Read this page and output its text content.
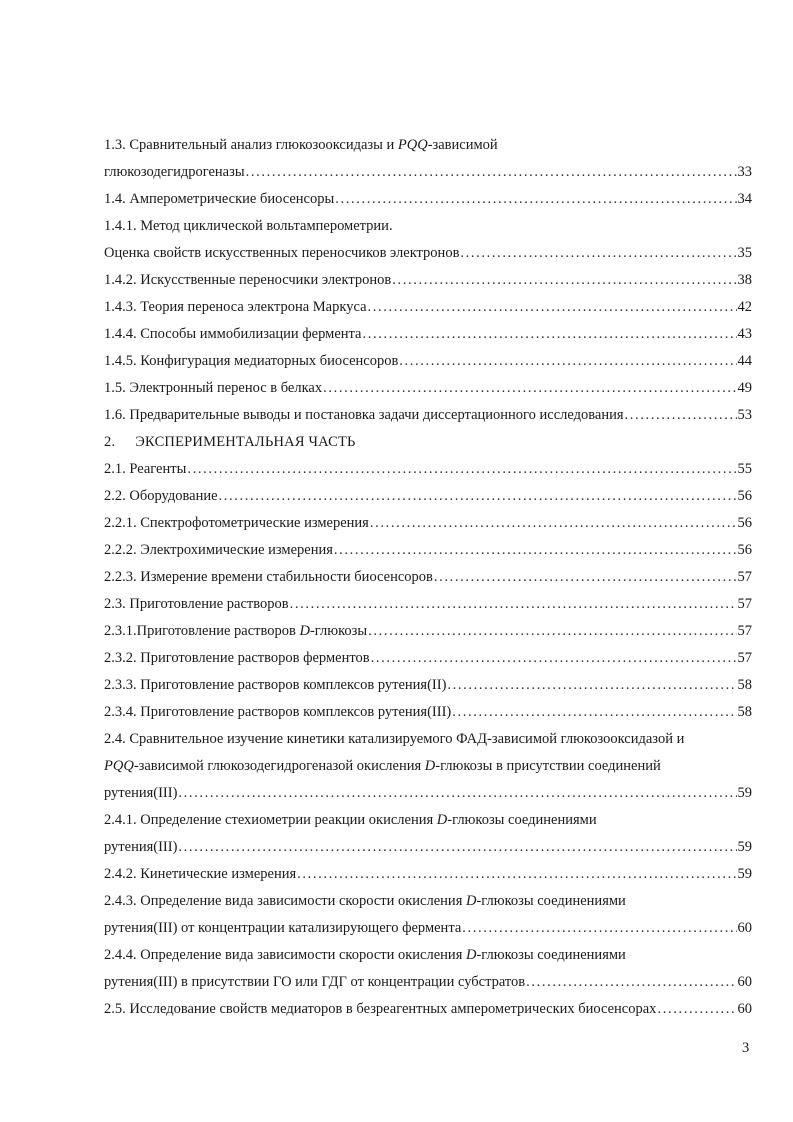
1.3. Сравнительный анализ глюкозооксидазы и PQQ-зависимой
глюкозодегидрогеназы . . .	33
1.4. Амперометрические биосенсоры . . .	34
1.4.1. Метод циклической вольтамперометрии.
Оценка свойств искусственных переносчиков электронов . . .	35
1.4.2. Искусственные переносчики электронов . . .	38
1.4.3. Теория переноса электрона Маркуса . . .	42
1.4.4. Способы иммобилизации фермента . . .	43
1.4.5. Конфигурация медиаторных биосенсоров . . .	44
1.5. Электронный перенос в белках . . .	49
1.6. Предварительные выводы и постановка задачи диссертационного исследования . . .	53
2. ЭКСПЕРИМЕНТАЛЬНАЯ ЧАСТЬ
2.1. Реагенты . . .	55
2.2. Оборудование . . .	56
2.2.1. Спектрофотометрические измерения . . .	56
2.2.2. Электрохимические измерения . . .	56
2.2.3. Измерение времени стабильности биосенсоров . . .	57
2.3. Приготовление растворов . . .	57
2.3.1.Приготовление растворов D-глюкозы . . .	57
2.3.2. Приготовление растворов ферментов . . .	57
2.3.3. Приготовление растворов комплексов рутения(II) . . .	58
2.3.4. Приготовление растворов комплексов рутения(III) . . .	58
2.4. Сравнительное изучение кинетики катализируемого ФАД-зависимой глюкозооксидазой и
PQQ-зависимой глюкозодегидрогеназой окисления D-глюкозы в присутствии соединений
рутения(III) . . .	59
2.4.1. Определение стехиометрии реакции окисления D-глюкозы соединениями
рутения(III) . . .	59
2.4.2. Кинетические измерения . . .	59
2.4.3. Определение вида зависимости скорости окисления D-глюкозы соединениями
рутения(III) от концентрации катализирующего фермента . . .	60
2.4.4. Определение вида зависимости скорости окисления D-глюкозы соединениями
рутения(III) в присутствии ГО или ГДГ от концентрации субстратов . . .	60
2.5. Исследование свойств медиаторов в безреагентных амперометрических биосенсорах . . .	60
3
